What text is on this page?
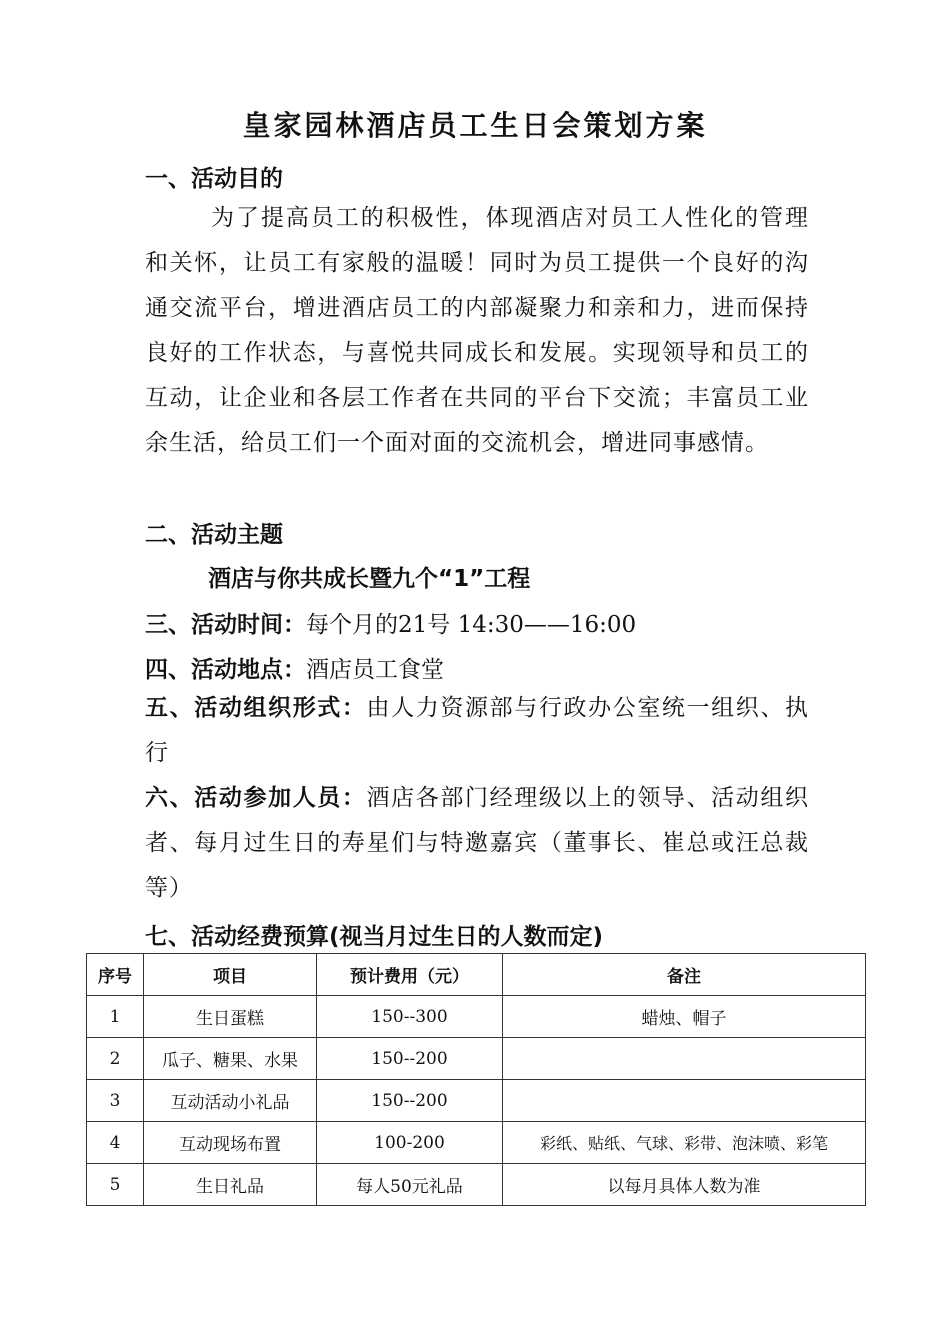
皇家园林酒店员工生日会策划方案
一、活动目的

为了提高员工的积极性，体现酒店对员工人性化的管理和关怀，让员工有家般的温暖！同时为员工提供一个良好的沟通交流平台，增进酒店员工的内部凝聚力和亲和力，进而保持良好的工作状态，与喜悦共同成长和发展。实现领导和员工的互动，让企业和各层工作者在共同的平台下交流；丰富员工业余生活，给员工们一个面对面的交流机会，增进同事感情。

二、活动主题
酒店与你共成长暨九个“1”工程
三、活动时间：每个月的21号 14:30——16:00
四、活动地点：酒店员工食堂

五、活动组织形式：由人力资源部与行政办公室统一组织、执行

六、活动参加人员：酒店各部门经理级以上的领导、活动组织者、每月过生日的寿星们与特邀嘉宾（董事长、崔总或汪总裁等）

七、活动经费预算(视当月过生日的人数而定)
序号	项目	预计费用（元）	备注
1	生日蛋糕	150--300	蜡烛、帽子
2	瓜子、糖果、水果	150--200	
3	互动活动小礼品	150--200	
4	互动现场布置	100-200	彩纸、贴纸、气球、彩带、泡沫喷、彩笔
5	生日礼品	每人50元礼品	以每月具体人数为准
